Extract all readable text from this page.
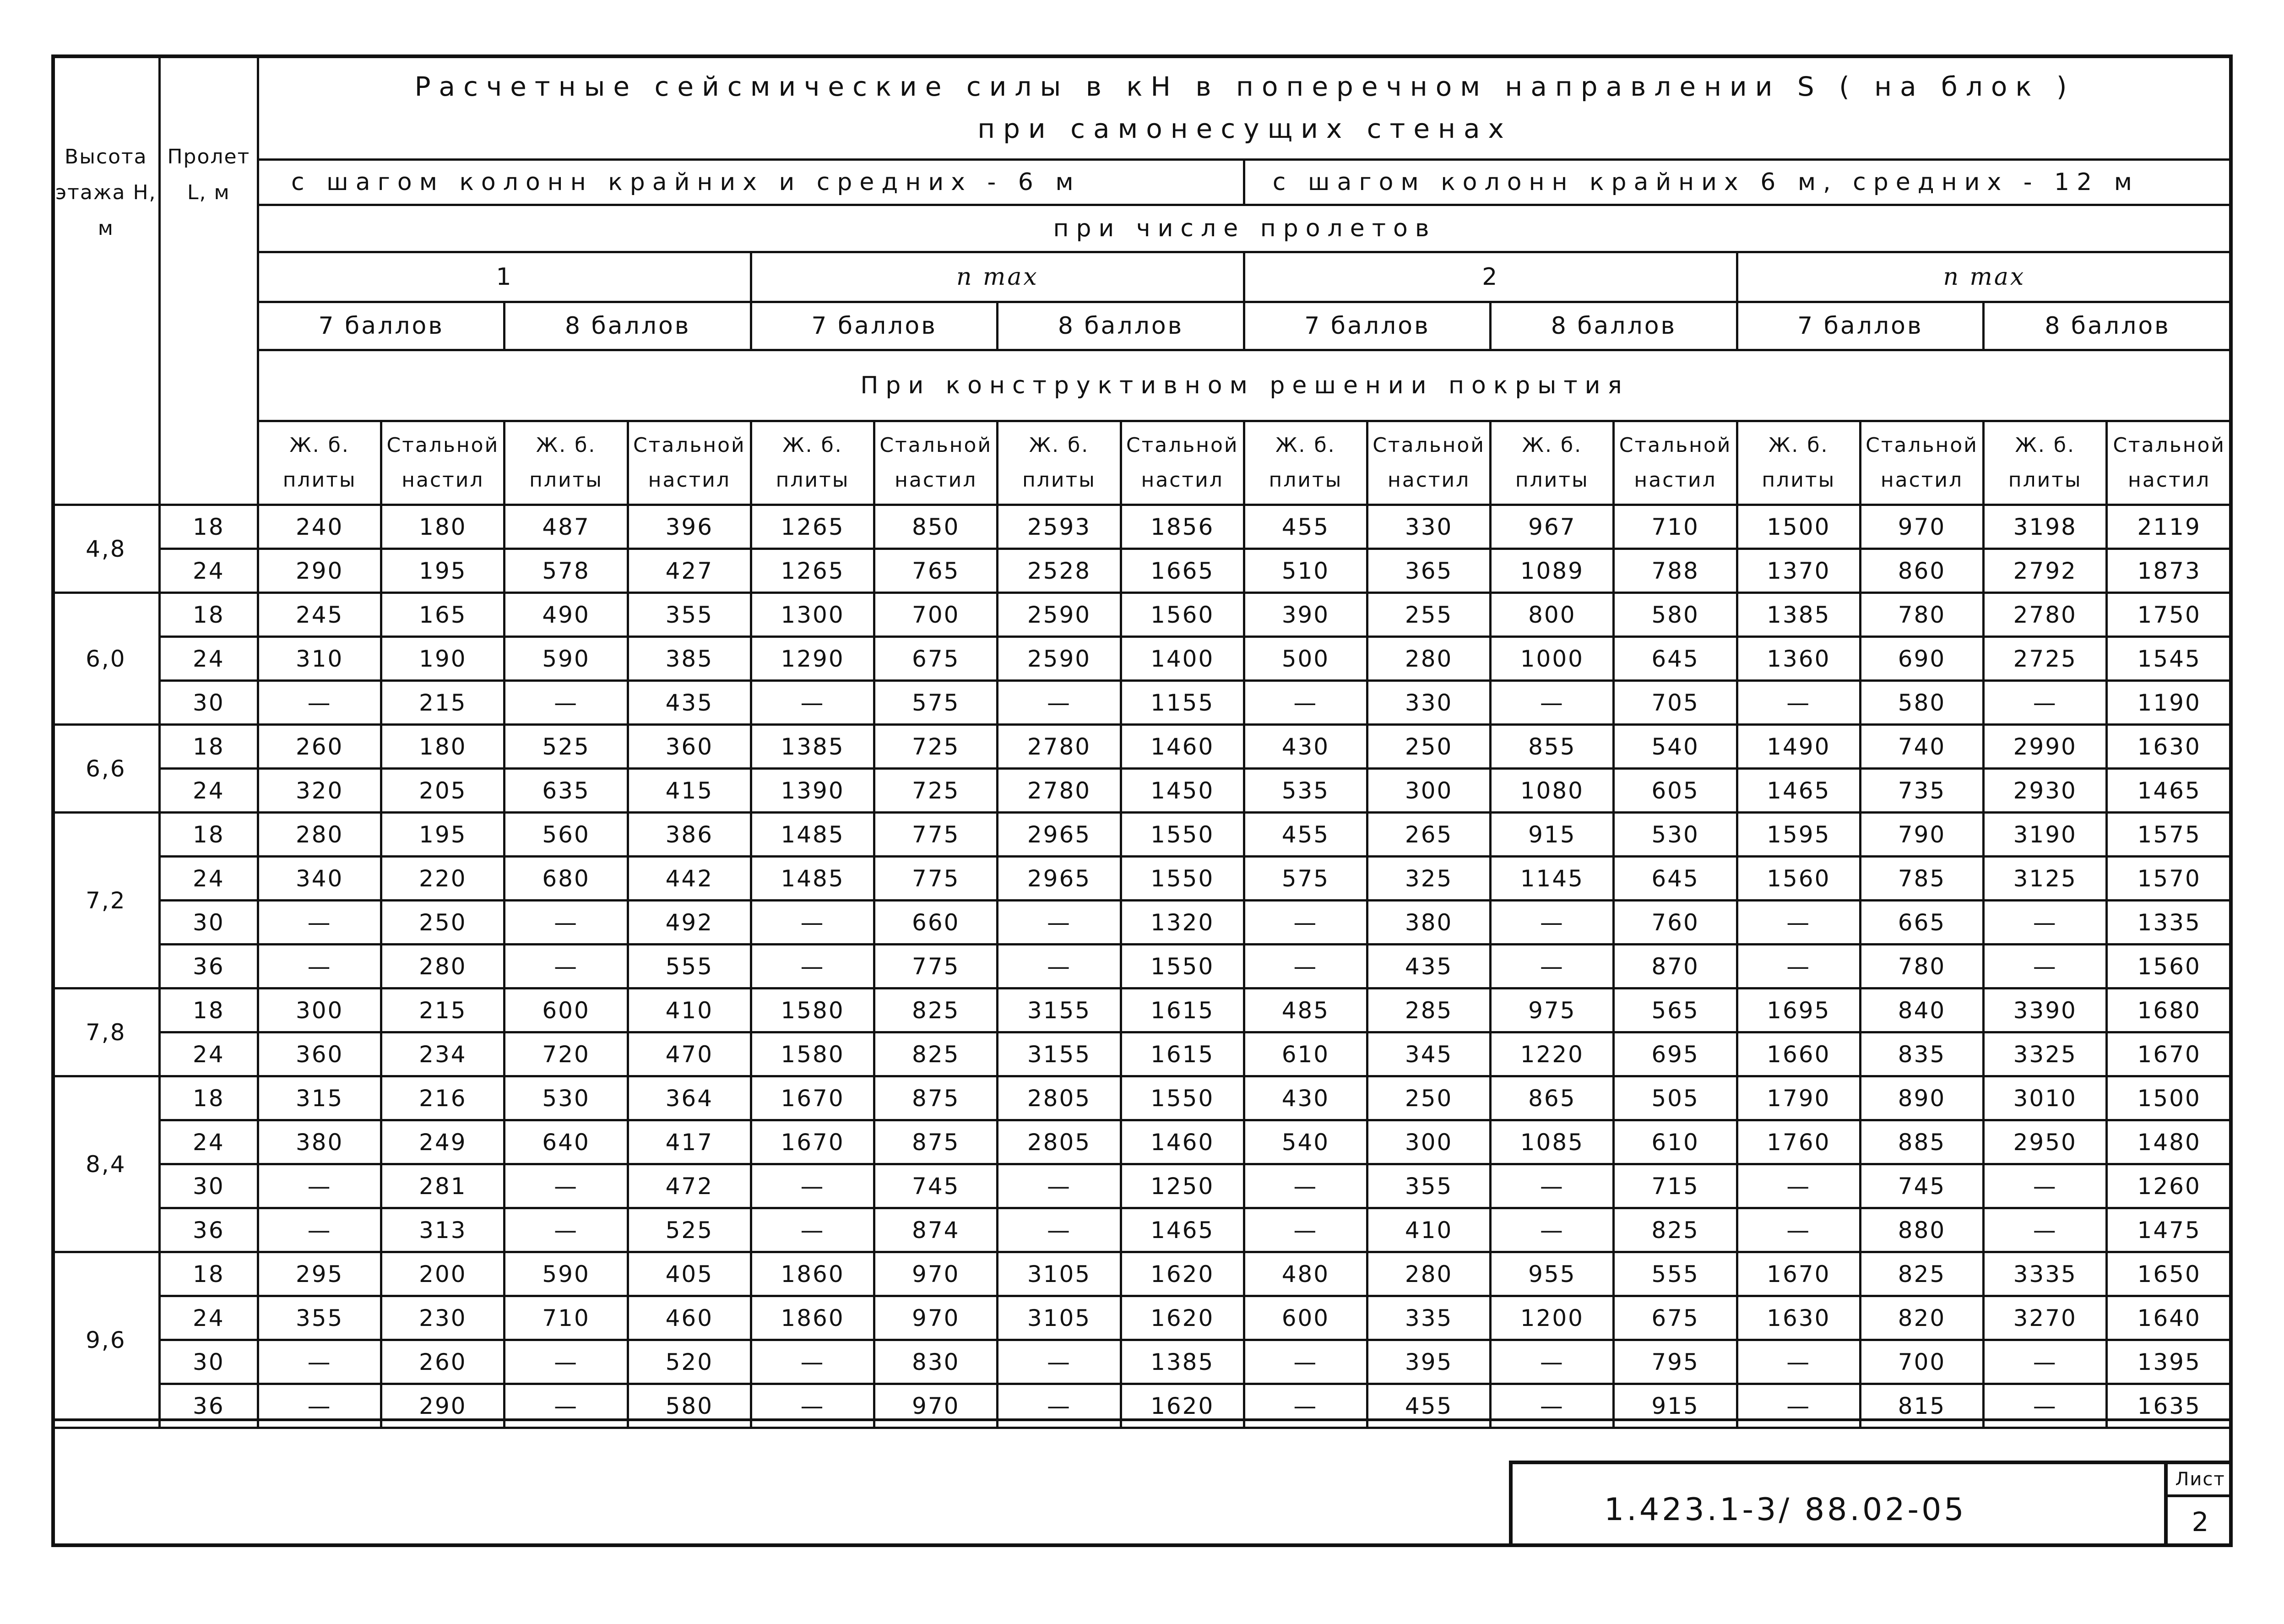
Высота этажа Н, м	Пролет L, м	Расчетные сейсмические силы в кН в поперечном направлении S ( на блок )
при самонесущих стенах															

		с шагом колонн крайних и средних - 6 м								с шагом колонн крайних 6 м, средних - 12 м							
		при числе пролетов															
		1				n max				2				n max			
		7 баллов		8 баллов		7 баллов		8 баллов		7 баллов		8 баллов		7 баллов		8 баллов	
		При конструктивном решении покрытия															
		Ж. б. плиты	Стальной настил	Ж. б. плиты	Стальной настил	Ж. б. плиты	Стальной настил	Ж. б. плиты	Стальной настил	Ж. б. плиты	Стальной настил	Ж. б. плиты	Стальной настил	Ж. б. плиты	Стальной настил	Ж. б. плиты	Стальной настил
4,8	18	240	180	487	396	1265	850	2593	1856	455	330	967	710	1500	970	3198	2119
	24	290	195	578	427	1265	765	2528	1665	510	365	1089	788	1370	860	2792	1873
6,0	18	245	165	490	355	1300	700	2590	1560	390	255	800	580	1385	780	2780	1750
	24	310	190	590	385	1290	675	2590	1400	500	280	1000	645	1360	690	2725	1545
	30	—	215	—	435	—	575	—	1155	—	330	—	705	—	580	—	1190
6,6	18	260	180	525	360	1385	725	2780	1460	430	250	855	540	1490	740	2990	1630
	24	320	205	635	415	1390	725	2780	1450	535	300	1080	605	1465	735	2930	1465
7,2	18	280	195	560	386	1485	775	2965	1550	455	265	915	530	1595	790	3190	1575
	24	340	220	680	442	1485	775	2965	1550	575	325	1145	645	1560	785	3125	1570
	30	—	250	—	492	—	660	—	1320	—	380	—	760	—	665	—	1335
	36	—	280	—	555	—	775	—	1550	—	435	—	870	—	780	—	1560
7,8	18	300	215	600	410	1580	825	3155	1615	485	285	975	565	1695	840	3390	1680
	24	360	234	720	470	1580	825	3155	1615	610	345	1220	695	1660	835	3325	1670
8,4	18	315	216	530	364	1670	875	2805	1550	430	250	865	505	1790	890	3010	1500
	24	380	249	640	417	1670	875	2805	1460	540	300	1085	610	1760	885	2950	1480
	30	—	281	—	472	—	745	—	1250	—	355	—	715	—	745	—	1260
	36	—	313	—	525	—	874	—	1465	—	410	—	825	—	880	—	1475
9,6	18	295	200	590	405	1860	970	3105	1620	480	280	955	555	1670	825	3335	1650
	24	355	230	710	460	1860	970	3105	1620	600	335	1200	675	1630	820	3270	1640
	30	—	260	—	520	—	830	—	1385	—	395	—	795	—	700	—	1395
	36	—	290	—	580	—	970	—	1620	—	455	—	915	—	815	—	1635
1.423.1-3/ 88.02-05
Лист
2
